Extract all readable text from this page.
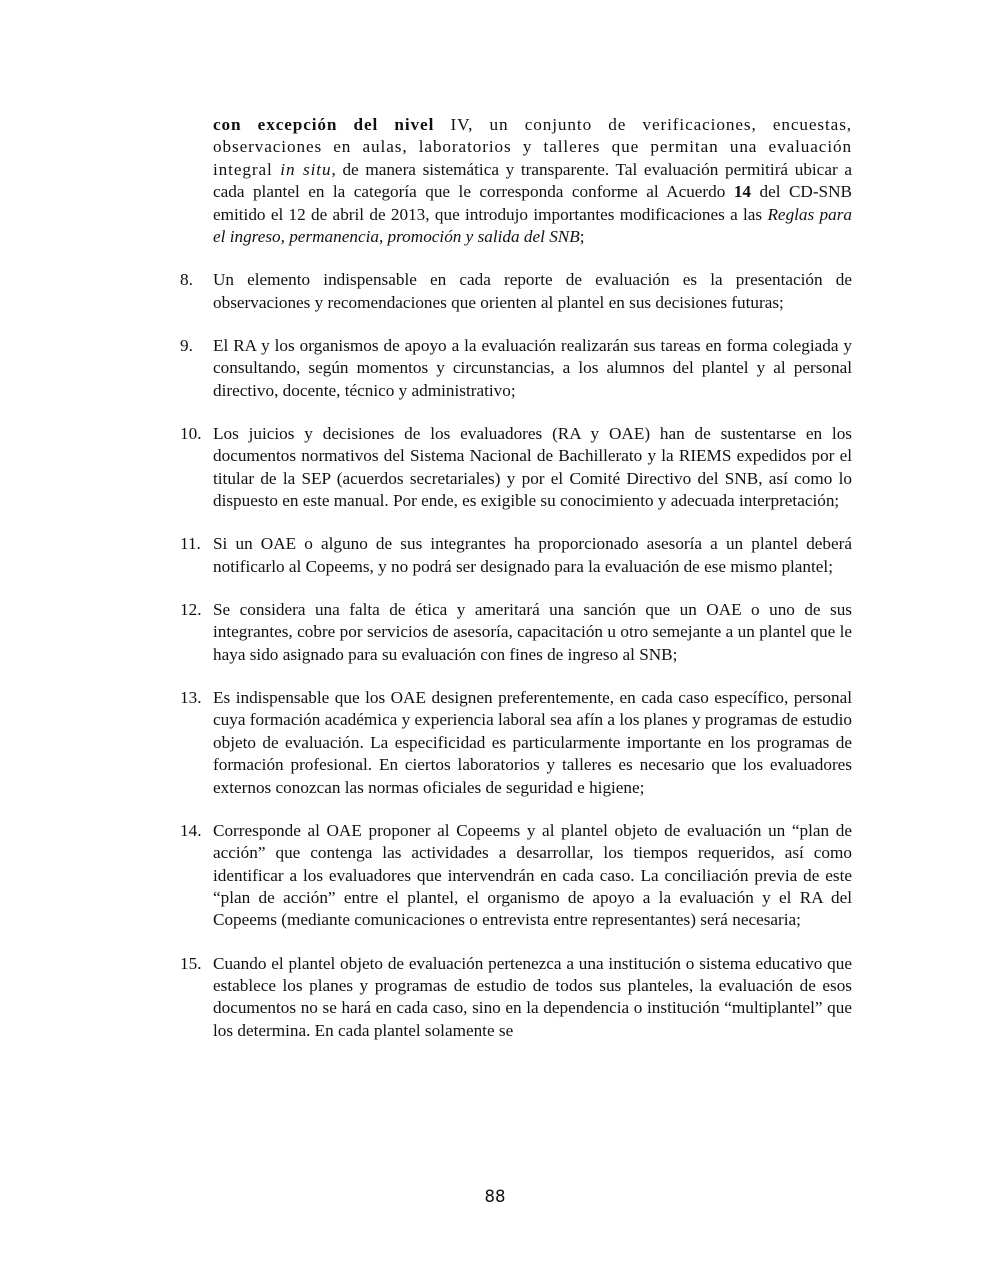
con excepción del nivel IV, un conjunto de verificaciones, encuestas, observaciones en aulas, laboratorios y talleres que permitan una evaluación integral in situ, de manera sistemática y transparente. Tal evaluación permitirá ubicar a cada plantel en la categoría que le corresponda conforme al Acuerdo 14 del CD-SNB emitido el 12 de abril de 2013, que introdujo importantes modificaciones a las Reglas para el ingreso, permanencia, promoción y salida del SNB;
8.	Un elemento indispensable en cada reporte de evaluación es la presentación de observaciones y recomendaciones que orienten al plantel en sus decisiones futuras;
9.	El RA y los organismos de apoyo a la evaluación realizarán sus tareas en forma colegiada y consultando, según momentos y circunstancias, a los alumnos del plantel y al personal directivo, docente, técnico y administrativo;
10. Los juicios y decisiones de los evaluadores (RA y OAE) han de sustentarse en los documentos normativos del Sistema Nacional de Bachillerato y la RIEMS expedidos por el titular de la SEP (acuerdos secretariales) y por el Comité Directivo del SNB, así como lo dispuesto en este manual. Por ende, es exigible su conocimiento y adecuada interpretación;
11. Si un OAE o alguno de sus integrantes ha proporcionado asesoría a un plantel deberá notificarlo al Copeems, y no podrá ser designado para la evaluación de ese mismo plantel;
12. Se considera una falta de ética y ameritará una sanción que un OAE o uno de sus integrantes, cobre por servicios de asesoría, capacitación u otro semejante a un plantel que le haya sido asignado para su evaluación con fines de ingreso al SNB;
13. Es indispensable que los OAE designen preferentemente, en cada caso específico, personal cuya formación académica y experiencia laboral sea afín a los planes y programas de estudio objeto de evaluación. La especificidad es particularmente importante en los programas de formación profesional. En ciertos laboratorios y talleres es necesario que los evaluadores externos conozcan las normas oficiales de seguridad e higiene;
14. Corresponde al OAE proponer al Copeems y al plantel objeto de evaluación un “plan de acción” que contenga las actividades a desarrollar, los tiempos requeridos, así como identificar a los evaluadores que intervendrán en cada caso. La conciliación previa de este “plan de acción” entre el plantel, el organismo de apoyo a la evaluación y el RA del Copeems (mediante comunicaciones o entrevista entre representantes) será necesaria;
15. Cuando el plantel objeto de evaluación pertenezca a una institución o sistema educativo que establece los planes y programas de estudio de todos sus planteles, la evaluación de esos documentos no se hará en cada caso, sino en la dependencia o institución “multiplantel” que los determina. En cada plantel solamente se
88
